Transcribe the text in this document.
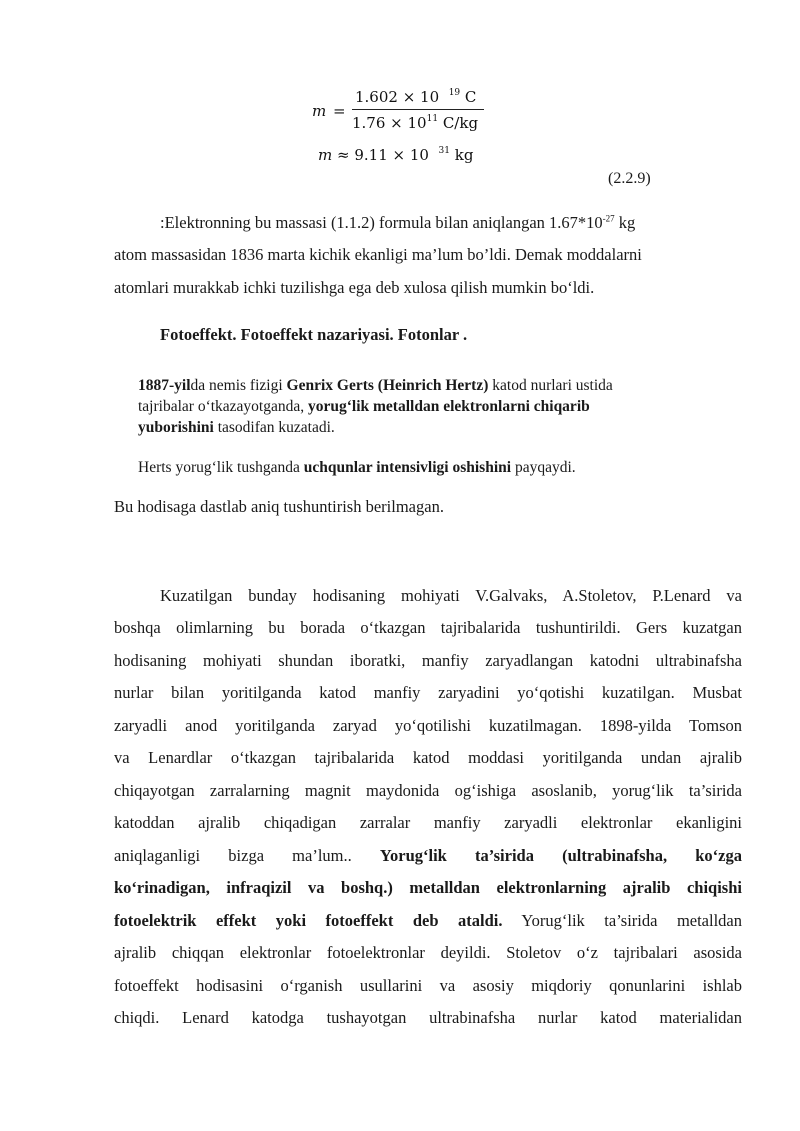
m =
1.602 × 10 $^{19}$ C
$1.76 \times 10^{11}$ C/kg
m ≈ 9.11 × 10 $^{31}$ kg
(2.2.9)
:Elektronning bu massasi (1.1.2) formula bilan aniqlangan $1.67*10^{-27}$ kg
atom massasidan 1836 marta kichik ekanligi ma’lum bo’ldi. Demak moddalarni
atomlari murakkab ichki tuzilishga ega deb xulosa qilish mumkin bo‘ldi.
Fotoeffekt. Fotoeffekt nazariyasi. Fotonlar .
1887-yilda nemis fizigi Genrix Gerts (Heinrich Hertz) katod nurlari ustida
tajribalar o‘tkazayotganda, yorug‘lik metalldan elektronlarni chiqarib
yuborishini tasodifan kuzatadi.
Herts yorug‘lik tushganda uchqunlar intensivligi oshishini payqaydi.
Bu hodisaga dastlab aniq tushuntirish berilmagan.
Kuzatilgan bunday hodisaning mohiyati V.Galvaks, A.Stoletov, P.Lenard va
boshqa olimlarning bu borada o‘tkazgan tajribalarida tushuntirildi. Gers kuzatgan
hodisaning mohiyati shundan iboratki, manfiy zaryadlangan katodni ultrabinafsha
nurlar bilan yoritilganda katod manfiy zaryadini yo‘qotishi kuzatilgan. Musbat
zaryadli anod yoritilganda zaryad yo‘qotilishi kuzatilmagan. 1898-yilda Tomson
va Lenardlar o‘tkazgan tajribalarida katod moddasi yoritilganda undan ajralib
chiqayotgan zarralarning magnit maydonida og‘ishiga asoslanib, yorug‘lik ta’sirida
katoddan ajralib chiqadigan zarralar manfiy zaryadli elektronlar ekanligini
aniqlaganligi bizga ma’lum.. Yorug‘lik ta’sirida (ultrabinafsha, ko‘zga
ko‘rinadigan, infraqizil va boshq.) metalldan elektronlarning ajralib chiqishi
fotoelektrik effekt yoki fotoeffekt deb ataldi. Yorug‘lik ta’sirida metalldan
ajralib chiqqan elektronlar fotoelektronlar deyildi. Stoletov o‘z tajribalari asosida
fotoeffekt hodisasini o‘rganish usullarini va asosiy miqdoriy qonunlarini ishlab
chiqdi. Lenard katodga tushayotgan ultrabinafsha nurlar katod materialidan
